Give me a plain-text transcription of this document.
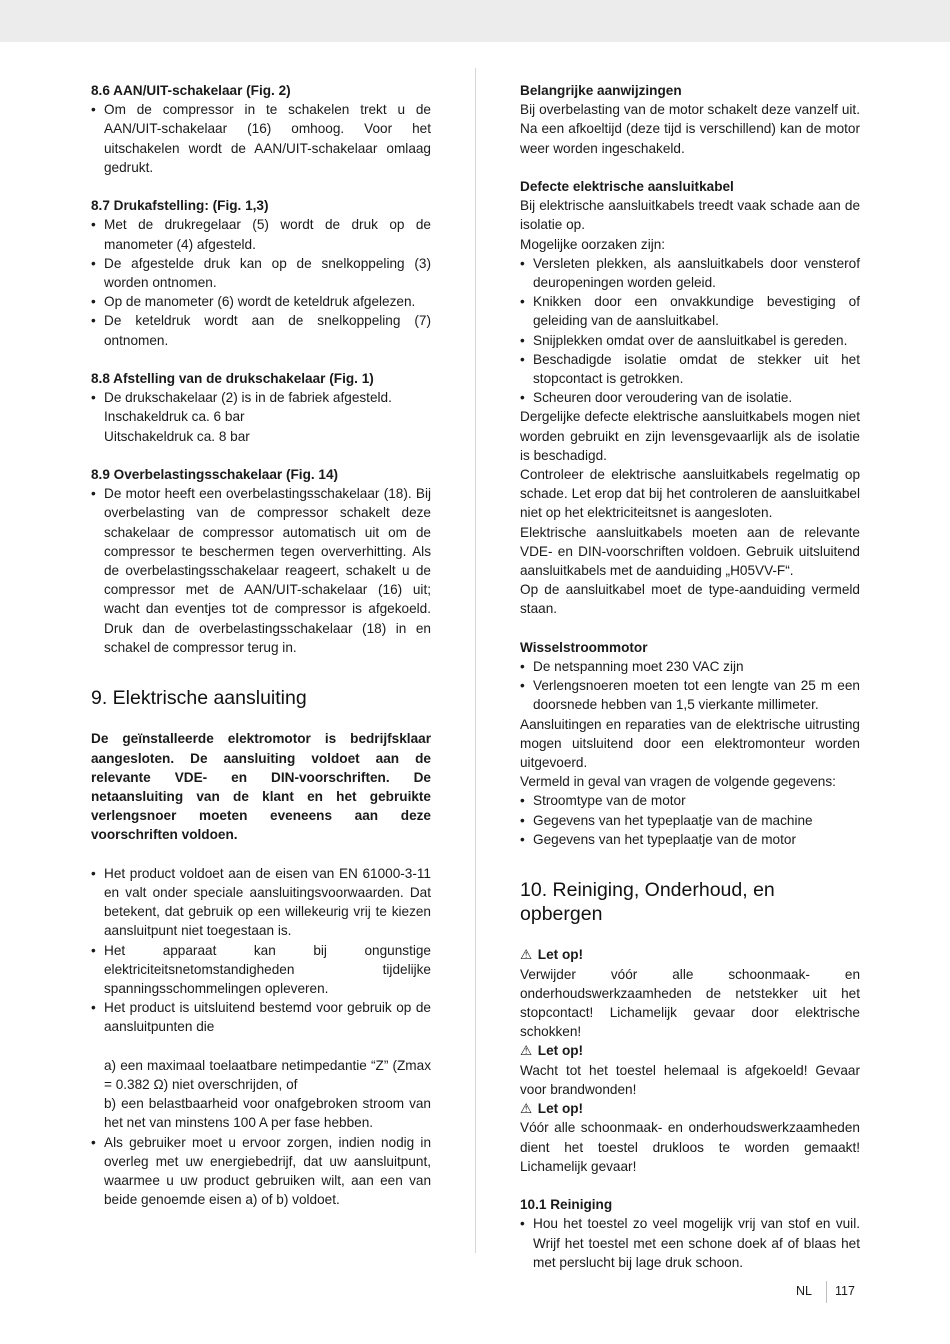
8.6 AAN/UIT-schakelaar (Fig. 2)

• Om de compressor in te schakelen trekt u de AAN/UIT-schakelaar (16) omhoog. Voor het uitschakelen wordt de AAN/UIT-schakelaar omlaag gedrukt.

8.7 Drukafstelling: (Fig. 1,3)

• Met de drukregelaar (5) wordt de druk op de manometer (4) afgesteld.
• De afgestelde druk kan op de snelkoppeling (3) worden ontnomen.
• Op de manometer (6) wordt de keteldruk afgelezen.
• De keteldruk wordt aan de snelkoppeling (7) ontnomen.

8.8 Afstelling van de drukschakelaar (Fig. 1)

• De drukschakelaar (2) is in de fabriek afgesteld.

Inschakeldruk ca. 6 bar

Uitschakeldruk ca. 8 bar

8.9 Overbelastingsschakelaar (Fig. 14)

• De motor heeft een overbelastingsschakelaar (18). Bij overbelasting van de compressor schakelt deze schakelaar de compressor automatisch uit om de compressor te beschermen tegen oververhitting. Als de overbelastingsschakelaar reageert, schakelt u de compressor met de AAN/UIT-schakelaar (16) uit; wacht dan eventjes tot de compressor is afgekoeld. Druk dan de overbelastingsschakelaar (18) in en schakel de compressor terug in.
9. Elektrische aansluiting

De geïnstalleerde elektromotor is bedrijfsklaar aangesloten. De aansluiting voldoet aan de relevante VDE- en DIN-voorschriften. De netaansluiting van de klant en het gebruikte verlengsnoer moeten eveneens aan deze voorschriften voldoen.

• Het product voldoet aan de eisen van EN 61000-3-11 en valt onder speciale aansluitingsvoorwaarden. Dat betekent, dat gebruik op een willekeurig vrij te kiezen aansluitpunt niet toegestaan is.
• Het apparaat kan bij ongunstige elektriciteitsnetomstandigheden tijdelijke spanningsschommelingen opleveren.
• Het product is uitsluitend bestemd voor gebruik op de aansluitpunten die

a) een maximaal toelaatbare netimpedantie “Z” (Zmax = 0.382 Ω) niet overschrijden, of

b) een belastbaarheid voor onafgebroken stroom van het net van minstens 100 A per fase hebben.

• Als gebruiker moet u ervoor zorgen, indien nodig in overleg met uw energiebedrijf, dat uw aansluitpunt, waarmee u uw product gebruiken wilt, aan een van beide genoemde eisen a) of b) voldoet.

Belangrijke aanwijzingen

Bij overbelasting van de motor schakelt deze vanzelf uit. Na een afkoeltijd (deze tijd is verschillend) kan de motor weer worden ingeschakeld.

Defecte elektrische aansluitkabel

Bij elektrische aansluitkabels treedt vaak schade aan de isolatie op.

Mogelijke oorzaken zijn:

• Versleten plekken, als aansluitkabels door vensterof deuropeningen worden geleid.
• Knikken door een onvakkundige bevestiging of geleiding van de aansluitkabel.
• Snijplekken omdat over de aansluitkabel is gereden.
• Beschadigde isolatie omdat de stekker uit het stopcontact is getrokken.
• Scheuren door veroudering van de isolatie.

Dergelijke defecte elektrische aansluitkabels mogen niet worden gebruikt en zijn levensgevaarlijk als de isolatie is beschadigd.

Controleer de elektrische aansluitkabels regelmatig op schade. Let erop dat bij het controleren de aansluitkabel niet op het elektriciteitsnet is aangesloten.

Elektrische aansluitkabels moeten aan de relevante VDE- en DIN-voorschriften voldoen. Gebruik uitsluitend aansluitkabels met de aanduiding „H05VV-F“.

Op de aansluitkabel moet de type-aanduiding vermeld staan.

Wisselstroommotor

• De netspanning moet 230 VAC zijn
• Verlengsnoeren moeten tot een lengte van 25 m een doorsnede hebben van 1,5 vierkante millimeter.

Aansluitingen en reparaties van de elektrische uitrusting mogen uitsluitend door een elektromonteur worden uitgevoerd.

Vermeld in geval van vragen de volgende gegevens:

• Stroomtype van de motor
• Gegevens van het typeplaatje van de machine
• Gegevens van het typeplaatje van de motor
10. Reiniging, Onderhoud, en opbergen

⚠ Let op!

Verwijder vóór alle schoonmaak- en onderhoudswerkzaamheden de netstekker uit het stopcontact! Lichamelijk gevaar door elektrische schokken!

⚠ Let op!

Wacht tot het toestel helemaal is afgekoeld! Gevaar voor brandwonden!

⚠ Let op!

Vóór alle schoonmaak- en onderhoudswerkzaamheden dient het toestel drukloos te worden gemaakt! Lichamelijk gevaar!

10.1 Reiniging

• Hou het toestel zo veel mogelijk vrij van stof en vuil. Wrijf het toestel met een schone doek af of blaas het met perslucht bij lage druk schoon.
NL 117
